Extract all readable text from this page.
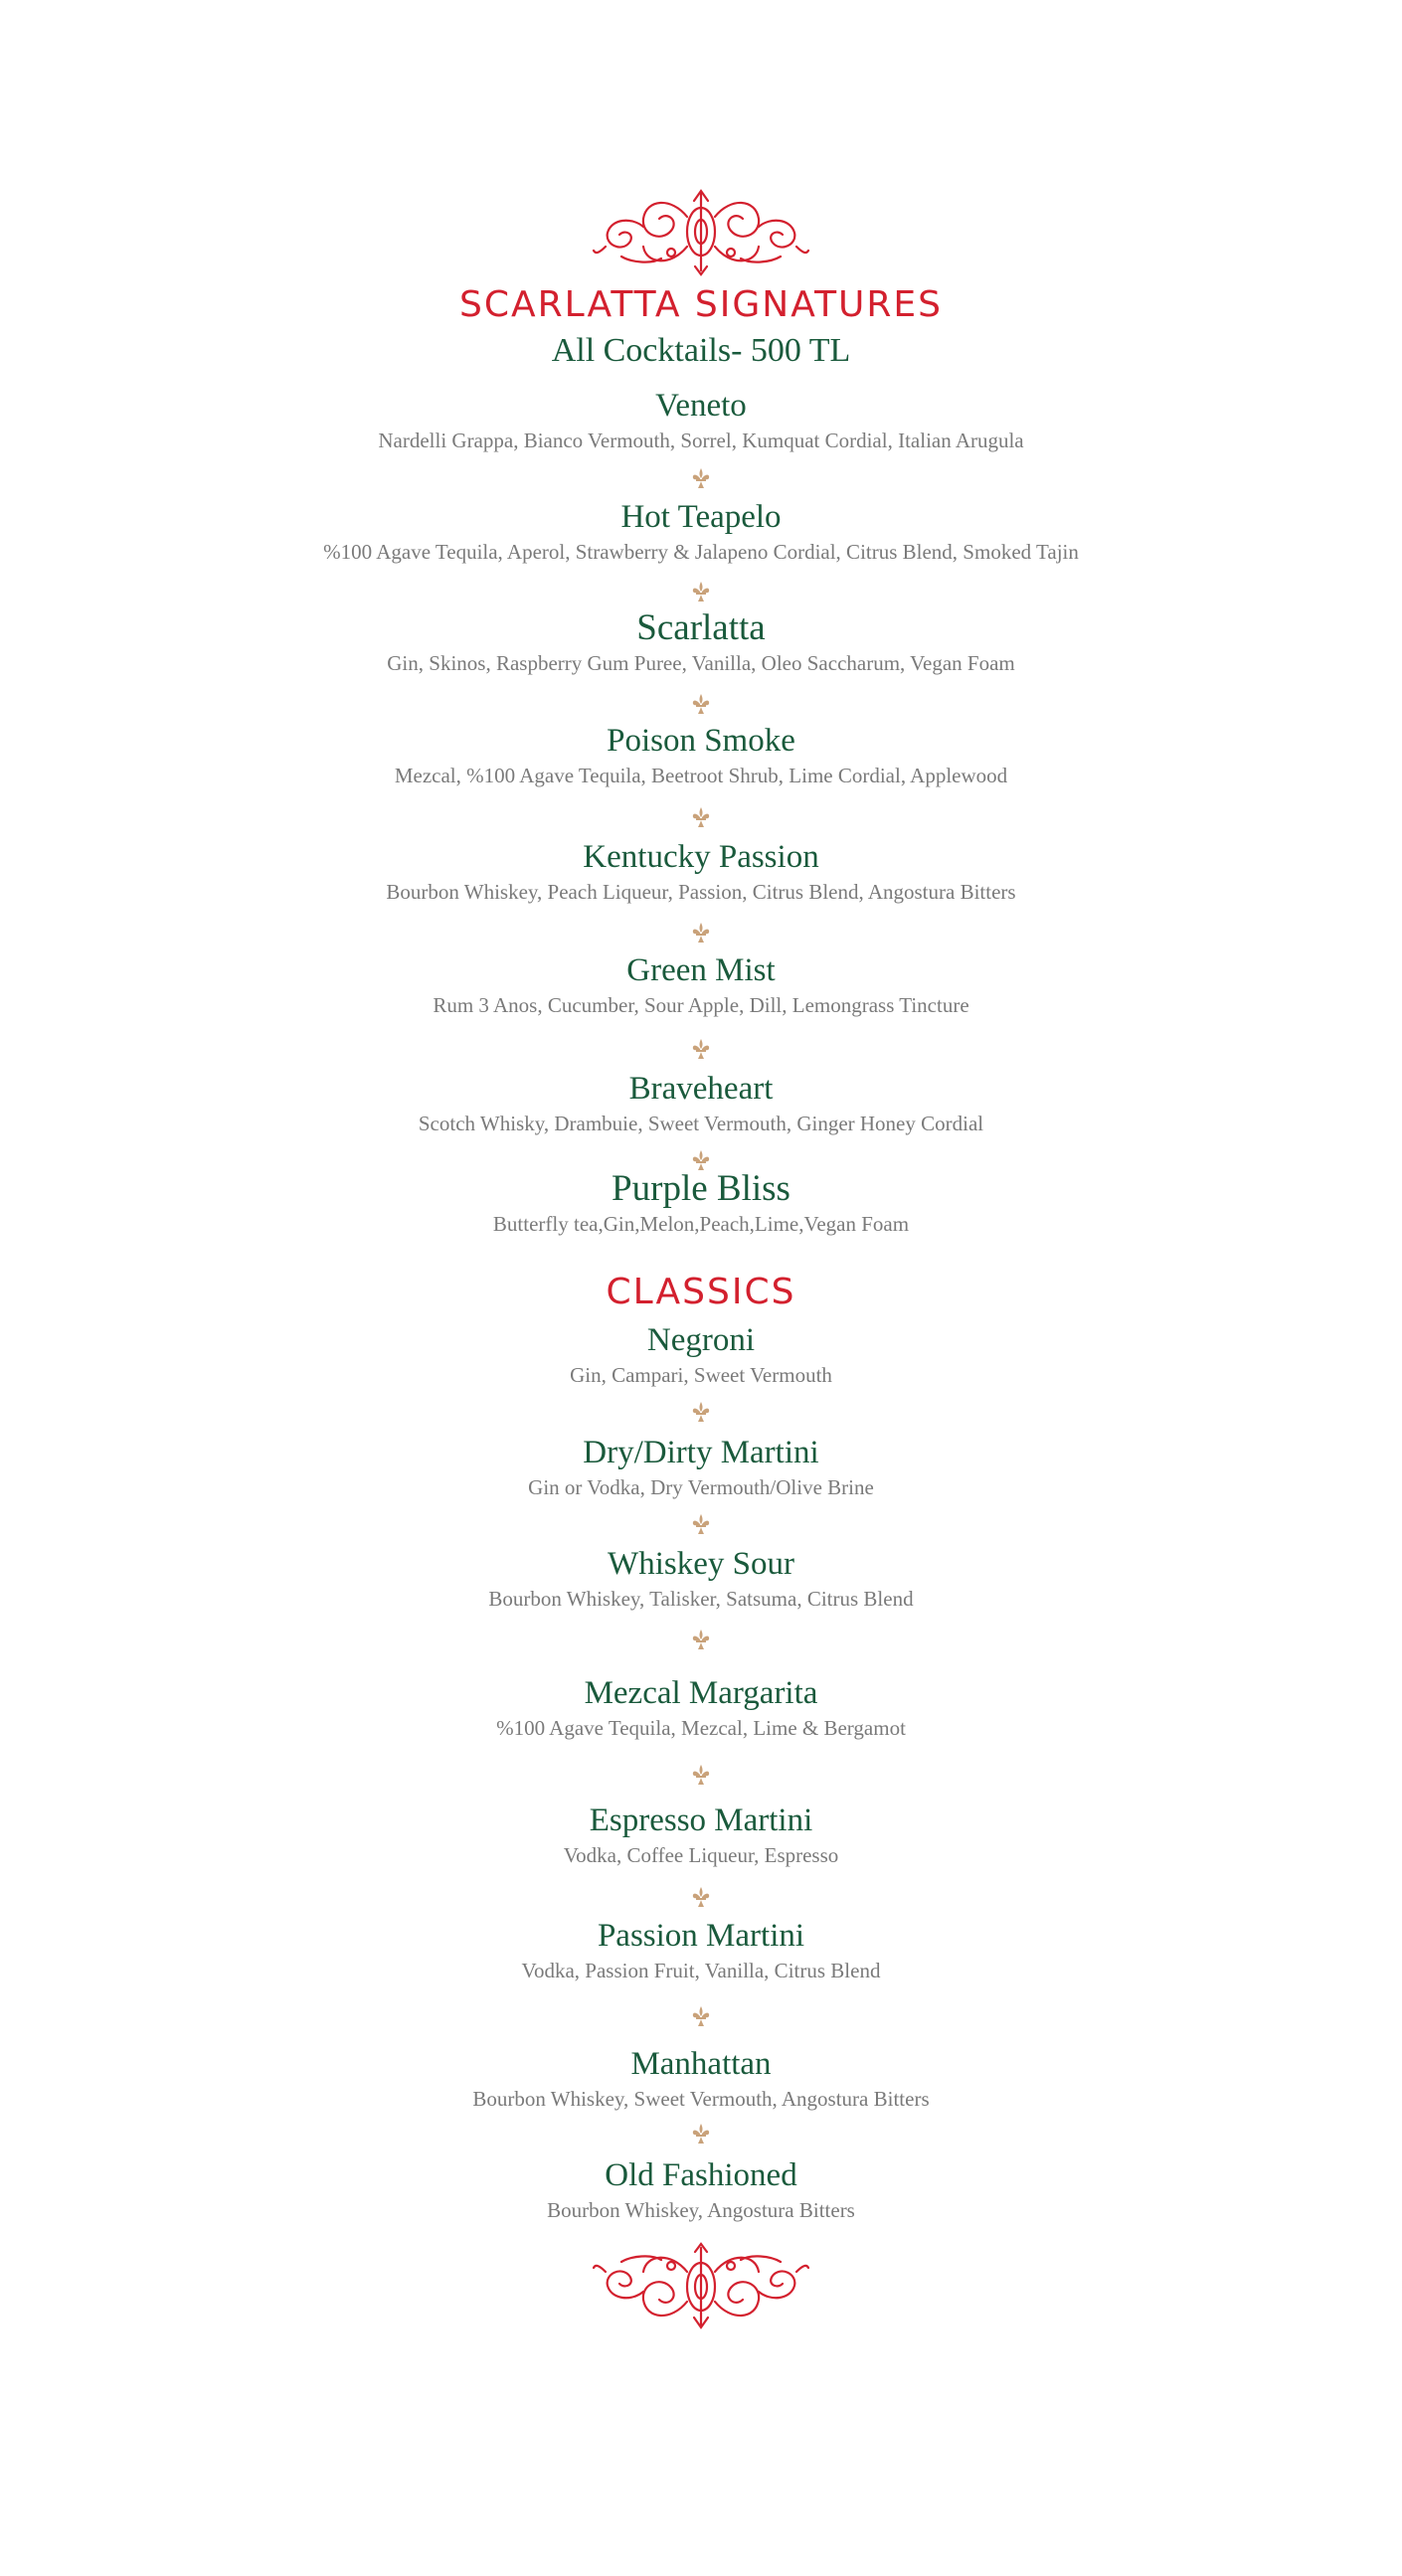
SCARLATTA SIGNATURES
All Cocktails- 500 TL
Veneto
Nardelli Grappa, Bianco Vermouth, Sorrel, Kumquat Cordial, Italian Arugula
Hot Teapelo
%100 Agave Tequila, Aperol, Strawberry & Jalapeno Cordial, Citrus Blend, Smoked Tajin
Scarlatta
Gin, Skinos, Raspberry Gum Puree, Vanilla, Oleo Saccharum, Vegan Foam
Poison Smoke
Mezcal, %100 Agave Tequila, Beetroot Shrub, Lime Cordial, Applewood
Kentucky Passion
Bourbon Whiskey, Peach Liqueur, Passion, Citrus Blend, Angostura Bitters
Green Mist
Rum 3 Anos, Cucumber, Sour Apple, Dill, Lemongrass Tincture
Braveheart
Scotch Whisky, Drambuie, Sweet Vermouth, Ginger Honey Cordial
Purple Bliss
Butterfly tea,Gin,Melon,Peach,Lime,Vegan Foam
CLASSICS
Negroni
Gin, Campari, Sweet Vermouth
Dry/Dirty Martini
Gin or Vodka, Dry Vermouth/Olive Brine
Whiskey Sour
Bourbon Whiskey, Talisker, Satsuma, Citrus Blend
Mezcal Margarita
%100 Agave Tequila, Mezcal, Lime & Bergamot
Espresso Martini
Vodka, Coffee Liqueur, Espresso
Passion Martini
Vodka, Passion Fruit, Vanilla, Citrus Blend
Manhattan
Bourbon Whiskey, Sweet Vermouth, Angostura Bitters
Old Fashioned
Bourbon Whiskey, Angostura Bitters
